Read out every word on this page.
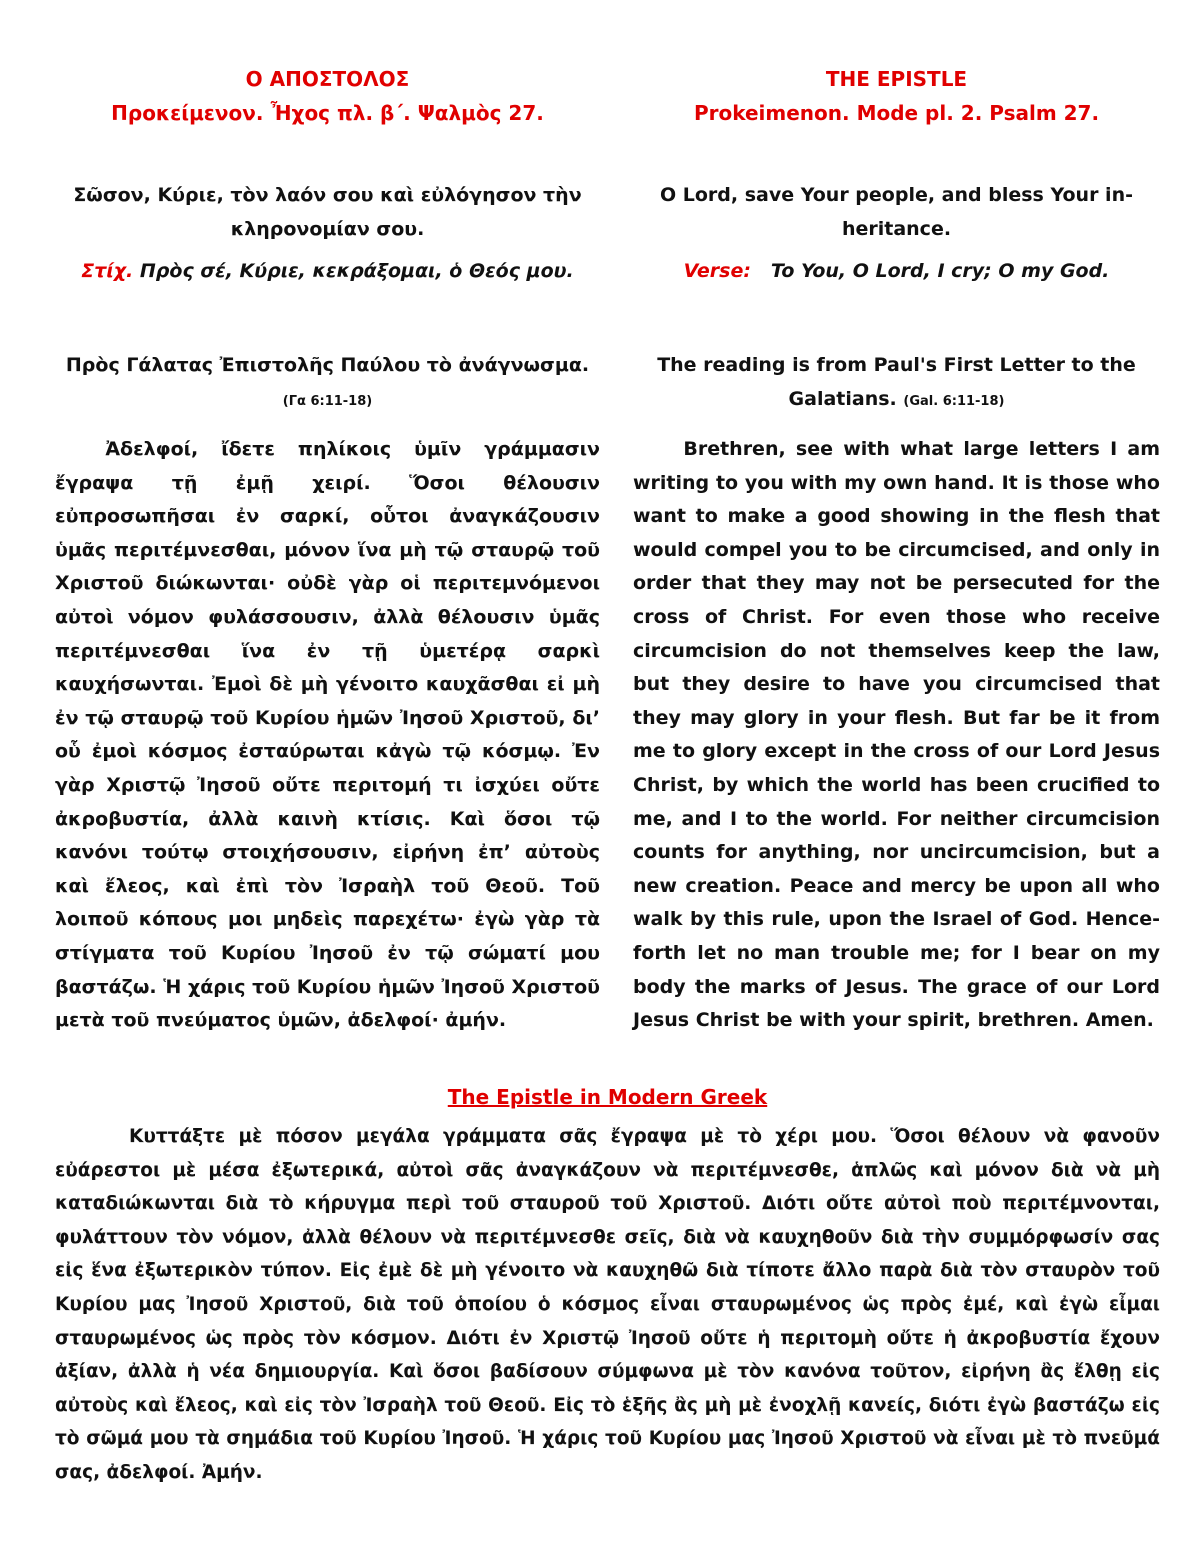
Ο ΑΠΟΣΤΟΛΟΣ
Προκείμενον. Ἦχος πλ. β΄. Ψαλμὸς 27.
Σῶσον, Κύριε, τὸν λαόν σου καὶ εὐλόγησον τὴν κληρονομίαν σου.
Στίχ. Πρὸς σέ, Κύριε, κεκράξομαι, ὁ Θεός μου.
Πρὸς Γάλατας Ἐπιστολῆς Παύλου τὸ ἀνάγνωσμα. (Γα 6:11-18)
Ἀδελφοί, ἴδετε πηλίκοις ὑμῖν γράμμασιν ἔγραψα τῇ ἐμῇ χειρί. Ὅσοι θέλουσιν εὐπροσωπῆσαι ἐν σαρκί, οὗτοι ἀναγκάζουσιν ὑμᾶς περιτέμνεσθαι, μόνον ἵνα μὴ τῷ σταυρῷ τοῦ Χριστοῦ διώκωνται· οὐδὲ γὰρ οἱ περιτεμνόμενοι αὐτοὶ νόμον φυλάσσουσιν, ἀλλὰ θέλουσιν ὑμᾶς περιτέμνεσθαι ἵνα ἐν τῇ ὑμετέρᾳ σαρκὶ καυχήσωνται. Ἐμοὶ δὲ μὴ γένοιτο καυχᾶσθαι εἰ μὴ ἐν τῷ σταυρῷ τοῦ Κυρίου ἡμῶν Ἰησοῦ Χριστοῦ, δι’ οὗ ἐμοὶ κόσμος ἐσταύρωται κἀγὼ τῷ κόσμῳ. Ἐν γὰρ Χριστῷ Ἰησοῦ οὔτε περιτομή τι ἰσχύει οὔτε ἀκροβυστία, ἀλλὰ καινὴ κτίσις. Καὶ ὅσοι τῷ κανόνι τούτῳ στοιχήσουσιν, εἰρήνη ἐπ’ αὐτοὺς καὶ ἔλεος, καὶ ἐπὶ τὸν Ἰσραὴλ τοῦ Θεοῦ. Τοῦ λοιποῦ κόπους μοι μηδεὶς παρεχέτω· ἐγὼ γὰρ τὰ στίγματα τοῦ Κυρίου Ἰησοῦ ἐν τῷ σώματί μου βαστάζω. Ἡ χάρις τοῦ Κυρίου ἡμῶν Ἰησοῦ Χριστοῦ μετὰ τοῦ πνεύματος ὑμῶν, ἀδελφοί· ἀμήν.
THE EPISTLE
Prokeimenon. Mode pl. 2. Psalm 27.
O Lord, save Your people, and bless Your inheritance.
Verse: To You, O Lord, I cry; O my God.
The reading is from Paul's First Letter to the Galatians. (Gal. 6:11-18)
Brethren, see with what large letters I am writing to you with my own hand. It is those who want to make a good showing in the flesh that would compel you to be circumcised, and only in order that they may not be persecuted for the cross of Christ. For even those who receive circumcision do not themselves keep the law, but they desire to have you circumcised that they may glory in your flesh. But far be it from me to glory except in the cross of our Lord Jesus Christ, by which the world has been crucified to me, and I to the world. For neither circumcision counts for anything, nor uncircumcision, but a new creation. Peace and mercy be upon all who walk by this rule, upon the Israel of God. Henceforth let no man trouble me; for I bear on my body the marks of Jesus. The grace of our Lord Jesus Christ be with your spirit, brethren. Amen.
The Epistle in Modern Greek
Κυττάξτε μὲ πόσον μεγάλα γράμματα σᾶς ἔγραψα μὲ τὸ χέρι μου. Ὅσοι θέλουν νὰ φανοῦν εὐάρεστοι μὲ μέσα ἐξωτερικά, αὐτοὶ σᾶς ἀναγκάζουν νὰ περιτέμνεσθε, ἁπλῶς καὶ μόνον διὰ νὰ μὴ καταδιώκωνται διὰ τὸ κήρυγμα περὶ τοῦ σταυροῦ τοῦ Χριστοῦ. Διότι οὔτε αὐτοὶ ποὺ περιτέμνονται, φυλάττουν τὸν νόμον, ἀλλὰ θέλουν νὰ περιτέμνεσθε σεῖς, διὰ νὰ καυχηθοῦν διὰ τὴν συμμόρφωσίν σας εἰς ἕνα ἐξωτερικὸν τύπον. Εἰς ἐμὲ δὲ μὴ γένοιτο νὰ καυχηθῶ διὰ τίποτε ἄλλο παρὰ διὰ τὸν σταυρὸν τοῦ Κυρίου μας Ἰησοῦ Χριστοῦ, διὰ τοῦ ὁποίου ὁ κόσμος εἶναι σταυρωμένος ὡς πρὸς ἐμέ, καὶ ἐγὼ εἶμαι σταυρωμένος ὡς πρὸς τὸν κόσμον. Διότι ἐν Χριστῷ Ἰησοῦ οὔτε ἡ περιτομὴ οὔτε ἡ ἀκροβυστία ἔχουν ἀξίαν, ἀλλὰ ἡ νέα δημιουργία. Καὶ ὅσοι βαδίσουν σύμφωνα μὲ τὸν κανόνα τοῦτον, εἰρήνη ἂς ἔλθῃ εἰς αὐτοὺς καὶ ἔλεος, καὶ εἰς τὸν Ἰσραὴλ τοῦ Θεοῦ. Εἰς τὸ ἑξῆς ἂς μὴ μὲ ἐνοχλῇ κανείς, διότι ἐγὼ βαστάζω εἰς τὸ σῶμά μου τὰ σημάδια τοῦ Κυρίου Ἰησοῦ. Ἡ χάρις τοῦ Κυρίου μας Ἰησοῦ Χριστοῦ νὰ εἶναι μὲ τὸ πνεῦμά σας, ἀδελφοί. Ἀμήν.
